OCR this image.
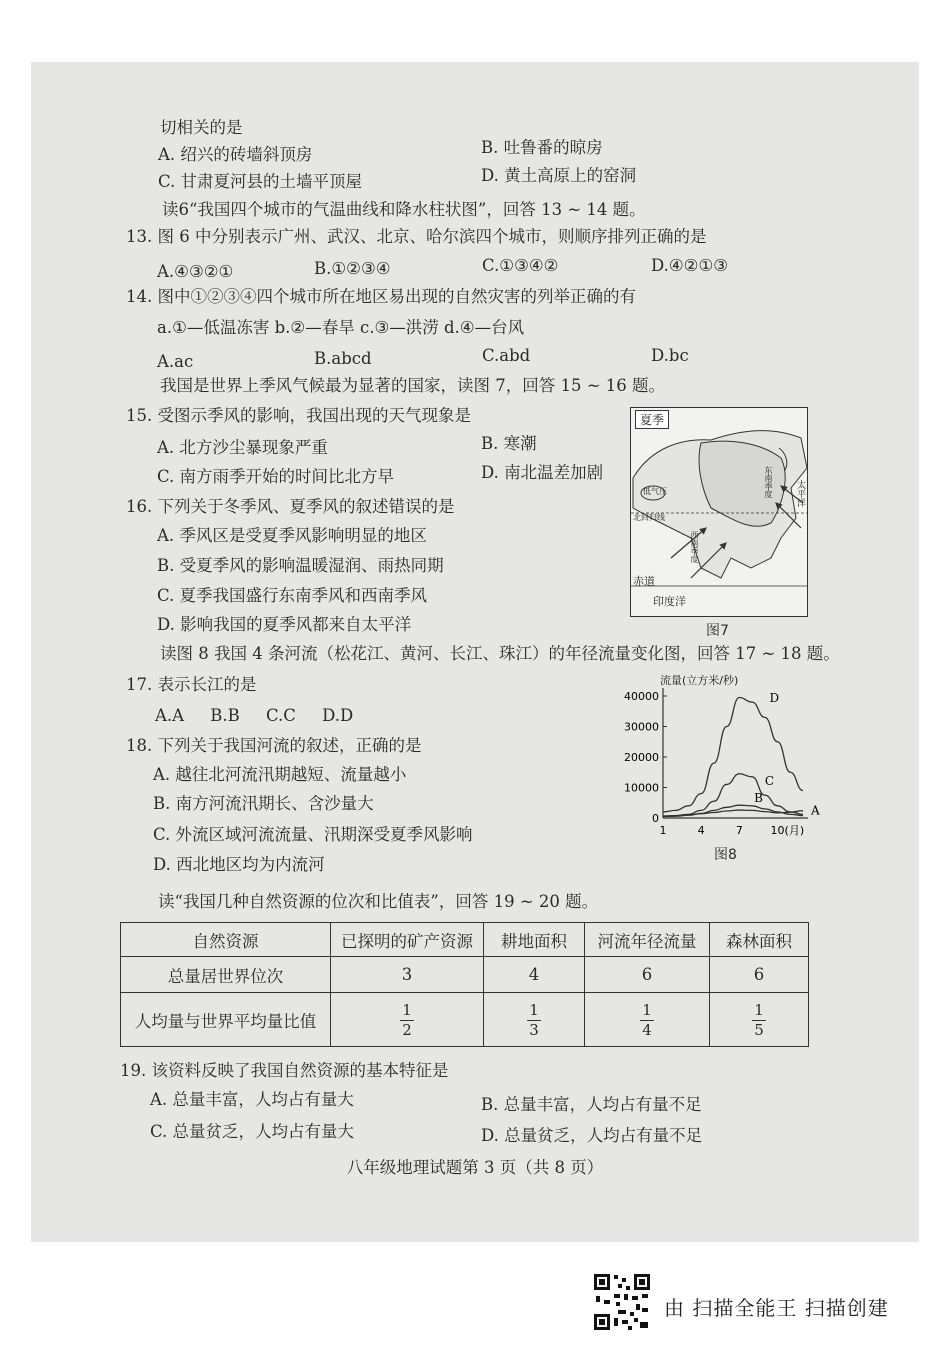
切相关的是
A. 绍兴的砖墙斜顶房	B. 吐鲁番的晾房
C. 甘肃夏河县的土墙平顶屋	D. 黄土高原上的窑洞
读6“我国四个城市的气温曲线和降水柱状图”，回答 13 ~ 14 题。
13. 图 6 中分别表示广州、武汉、北京、哈尔滨四个城市，则顺序排列正确的是
A.④③②①	B.①②③④	C.①③④②	D.④②①③
14. 图中①②③④四个城市所在地区易出现的自然灾害的列举正确的有
a.①—低温冻害 b.②—春旱 c.③—洪涝 d.④—台风
A.ac	B.abcd	C.abd	D.bc
我国是世界上季风气候最为显著的国家，读图 7，回答 15 ~ 16 题。
15. 受图示季风的影响，我国出现的天气现象是
A. 北方沙尘暴现象严重	B. 寒潮
C. 南方雨季开始的时间比北方早	D. 南北温差加剧
16. 下列关于冬季风、夏季风的叙述错误的是
A. 季风区是受夏季风影响明显的地区
B. 受夏季风的影响温暖湿润、雨热同期
C. 夏季我国盛行东南季风和西南季风
D. 影响我国的夏季风都来自太平洋
夏季
低气压
北回归线
西南季度
东南季度 太平洋
赤道
印度洋
图7
读图 8 我国 4 条河流（松花江、黄河、长江、珠江）的年径流量变化图，回答 17 ~ 18 题。
17. 表示长江的是
A.A     B.B     C.C     D.D
18. 下列关于我国河流的叙述，正确的是
A. 越往北河流汛期越短、流量越小
B. 南方河流汛期长、含沙量大
C. 外流区域河流流量、汛期深受夏季风影响
D. 西北地区均为内流河
流量(立方米/秒)
0
10000
20000
30000
40000
1	4	7	10 (月)
D
C
B
A
图8
读“我国几种自然资源的位次和比值表”，回答 19 ~ 20 题。
自然资源	已探明的矿产资源	耕地面积	河流年径流量	森林面积
总量居世界位次	3	4	6	6
人均量与世界平均量比值	$\frac{1}{2}$	$\frac{1}{3}$	$\frac{1}{4}$	$\frac{1}{5}$
19. 该资料反映了我国自然资源的基本特征是
A. 总量丰富，人均占有量大	B. 总量丰富，人均占有量不足
C. 总量贫乏，人均占有量大	D. 总量贫乏，人均占有量不足
八年级地理试题第 3 页（共 8 页）
由 扫描全能王 扫描创建
